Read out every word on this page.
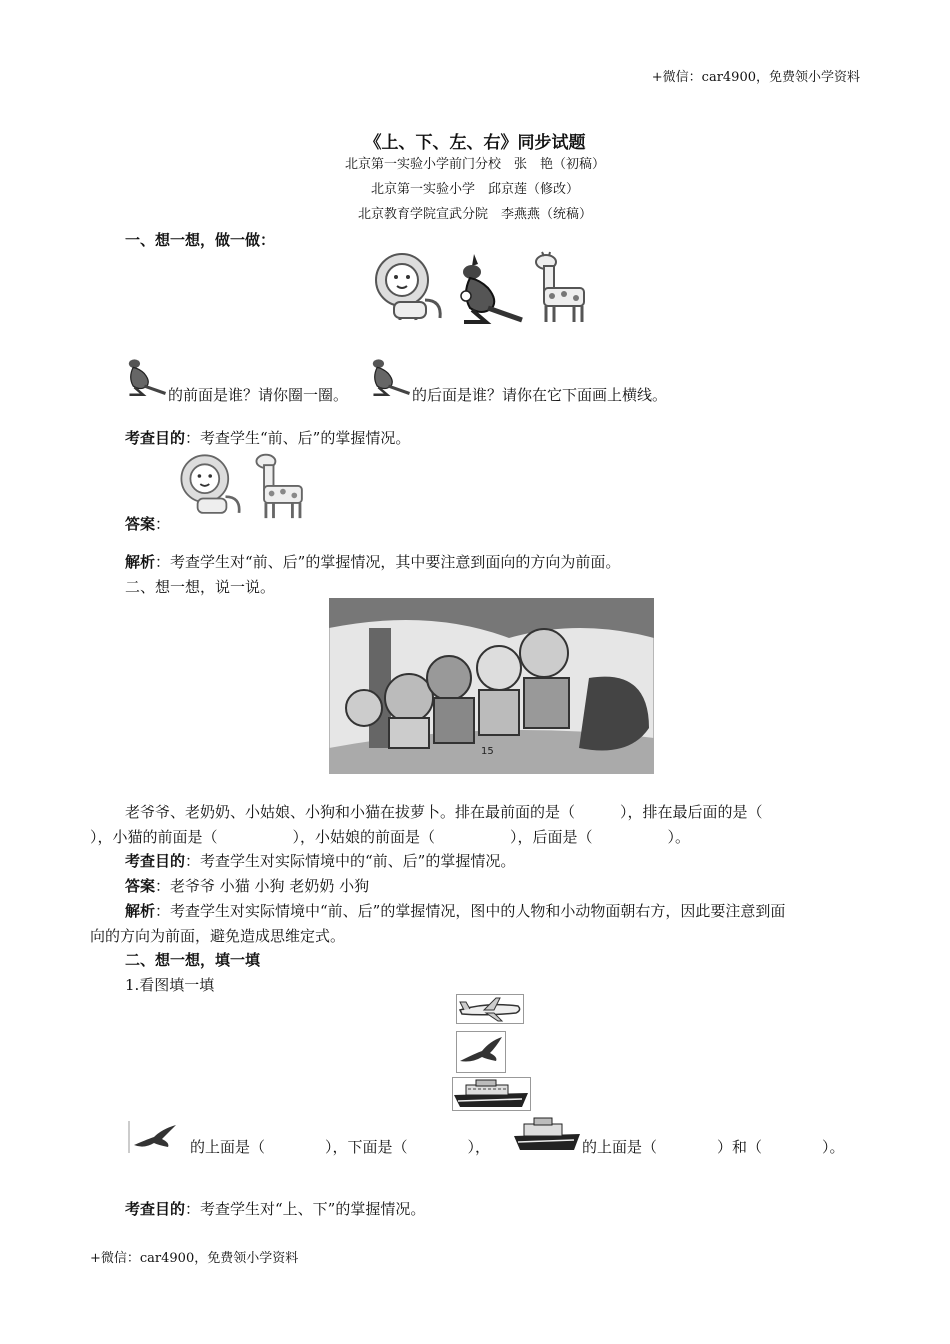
+微信：car4900，免费领小学资料
《上、下、左、右》同步试题
北京第一实验小学前门分校　张　艳（初稿）
北京第一实验小学　邱京莲（修改）
北京教育学院宣武分院　李燕燕（统稿）
一、想一想，做一做：
的前面是谁？请你圈一圈。	的后面是谁？请你在它下面画上横线。
考查目的：考查学生“前、后”的掌握情况。
答案：
解析：考查学生对“前、后”的掌握情况，其中要注意到面向的方向为前面。
二、想一想，说一说。
15
老爷爷、老奶奶、小姑娘、小狗和小猫在拔萝卜。排在最前面的是（　　　），排在最后面的是（
），小猫的前面是（　　　　　），小姑娘的前面是（　　　　　），后面是（　　　　　）。
考查目的：考查学生对实际情境中的“前、后”的掌握情况。
答案：老爷爷 小猫 小狗 老奶奶 小狗
解析：考查学生对实际情境中“前、后”的掌握情况，图中的人物和小动物面朝右方，因此要注意到面
向的方向为前面，避免造成思维定式。
二、想一想，填一填
1.看图填一填
的上面是（　　　　），下面是（　　　　），	的上面是（　　　　）和（　　　　）。
考查目的：考查学生对“上、下”的掌握情况。
+微信：car4900，免费领小学资料
